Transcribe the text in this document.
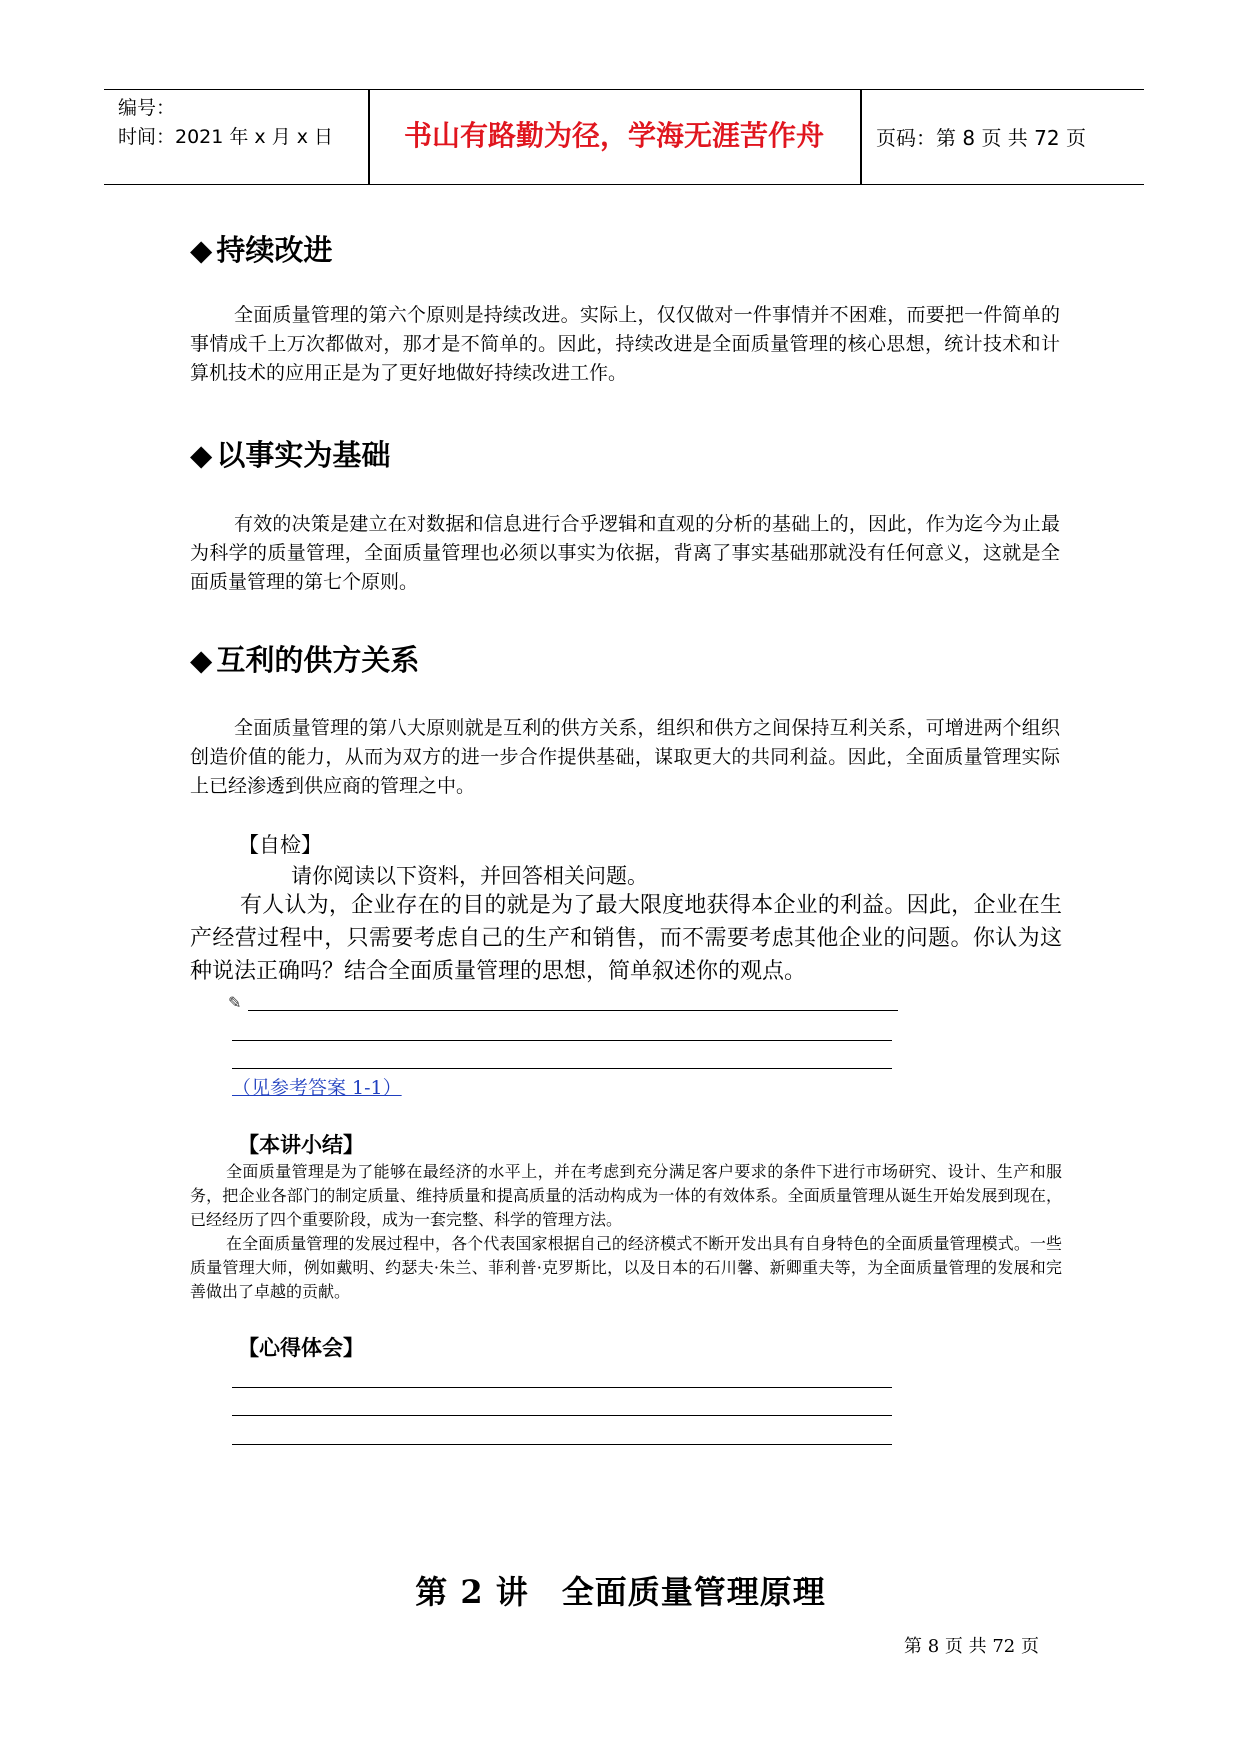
编号：
时间：2021 年 x 月 x 日	书山有路勤为径，学海无涯苦作舟	页码：第 8 页 共 72 页
◆ 持续改进
全面质量管理的第六个原则是持续改进。实际上，仅仅做对一件事情并不困难，而要把一件简单的事情成千上万次都做对，那才是不简单的。因此，持续改进是全面质量管理的核心思想，统计技术和计算机技术的应用正是为了更好地做好持续改进工作。
◆ 以事实为基础
有效的决策是建立在对数据和信息进行合乎逻辑和直观的分析的基础上的，因此，作为迄今为止最为科学的质量管理，全面质量管理也必须以事实为依据，背离了事实基础那就没有任何意义，这就是全面质量管理的第七个原则。
◆ 互利的供方关系
全面质量管理的第八大原则就是互利的供方关系，组织和供方之间保持互利关系，可增进两个组织创造价值的能力，从而为双方的进一步合作提供基础，谋取更大的共同利益。因此，全面质量管理实际上已经渗透到供应商的管理之中。
【自检】
请你阅读以下资料，并回答相关问题。
有人认为，企业存在的目的就是为了最大限度地获得本企业的利益。因此，企业在生产经营过程中，只需要考虑自己的生产和销售，而不需要考虑其他企业的问题。你认为这种说法正确吗？结合全面质量管理的思想，简单叙述你的观点。
✎
（见参考答案 1-1）
【本讲小结】
全面质量管理是为了能够在最经济的水平上，并在考虑到充分满足客户要求的条件下进行市场研究、设计、生产和服务，把企业各部门的制定质量、维持质量和提高质量的活动构成为一体的有效体系。全面质量管理从诞生开始发展到现在，已经经历了四个重要阶段，成为一套完整、科学的管理方法。
在全面质量管理的发展过程中，各个代表国家根据自己的经济模式不断开发出具有自身特色的全面质量管理模式。一些质量管理大师，例如戴明、约瑟夫·朱兰、菲利普·克罗斯比，以及日本的石川馨、新卿重夫等，为全面质量管理的发展和完善做出了卓越的贡献。
【心得体会】
第 2 讲　全面质量管理原理
第 8 页 共 72 页
